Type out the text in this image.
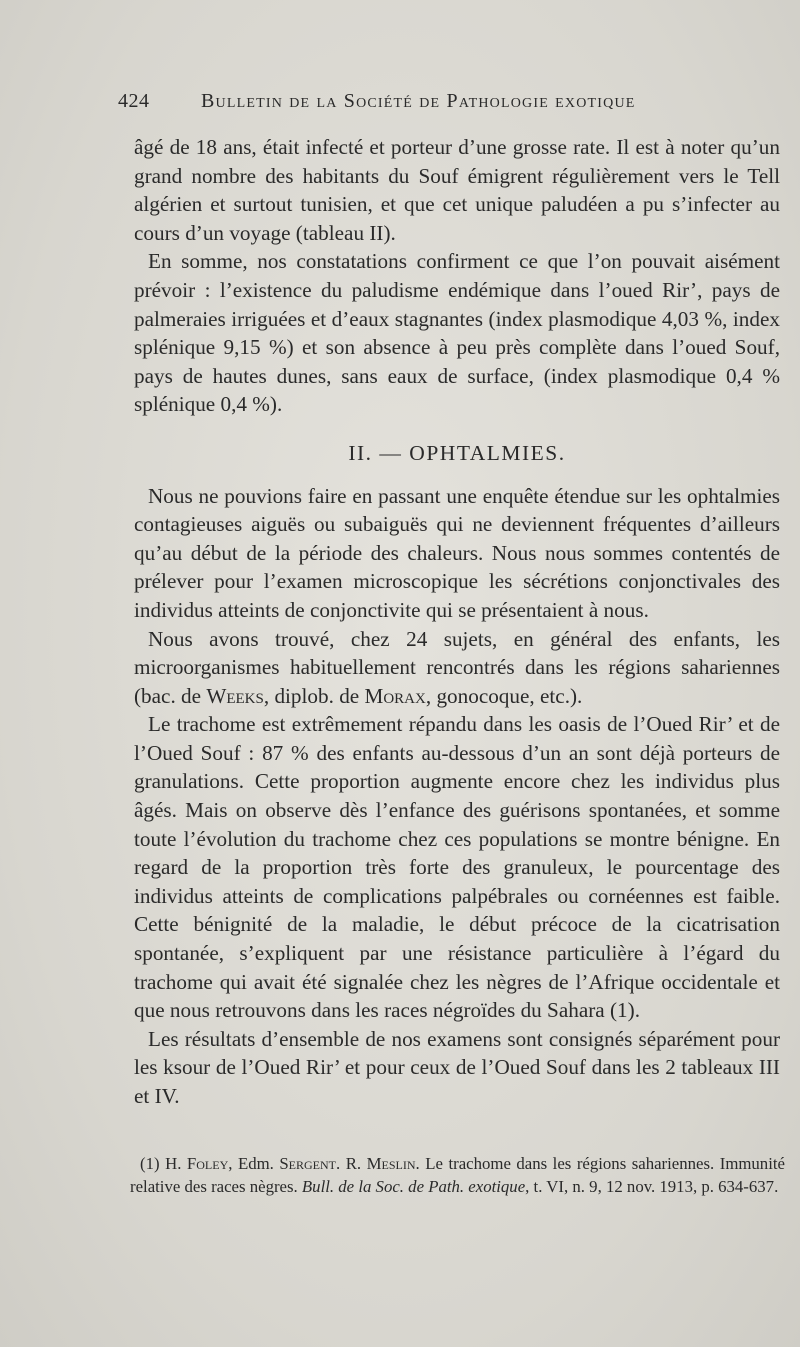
424	Bulletin de la Société de Pathologie exotique

âgé de 18 ans, était infecté et porteur d’une grosse rate. Il est à noter qu’un grand nombre des habitants du Souf émigrent régulièrement vers le Tell algérien et surtout tunisien, et que cet unique paludéen a pu s’infecter au cours d’un voyage (tableau II).

En somme, nos constatations confirment ce que l’on pouvait aisément prévoir : l’existence du paludisme endémique dans l’oued Rir’, pays de palmeraies irriguées et d’eaux stagnantes (index plasmodique 4,03 %, index splénique 9,15 %) et son absence à peu près complète dans l’oued Souf, pays de hautes dunes, sans eaux de surface, (index plasmodique 0,4 % splénique 0,4 %).

II. — OPHTALMIES.

Nous ne pouvions faire en passant une enquête étendue sur les ophtalmies contagieuses aiguës ou subaiguës qui ne deviennent fréquentes d’ailleurs qu’au début de la période des chaleurs. Nous nous sommes contentés de prélever pour l’examen microscopique les sécrétions conjonctivales des individus atteints de conjonctivite qui se présentaient à nous.

Nous avons trouvé, chez 24 sujets, en général des enfants, les microorganismes habituellement rencontrés dans les régions sahariennes (bac. de Weeks, diplob. de Morax, gonocoque, etc.).

Le trachome est extrêmement répandu dans les oasis de l’Oued Rir’ et de l’Oued Souf : 87 % des enfants au-dessous d’un an sont déjà porteurs de granulations. Cette proportion augmente encore chez les individus plus âgés. Mais on observe dès l’enfance des guérisons spontanées, et somme toute l’évolution du trachome chez ces populations se montre bénigne. En regard de la proportion très forte des granuleux, le pourcentage des individus atteints de complications palpébrales ou cornéennes est faible. Cette bénignité de la maladie, le début précoce de la cicatrisation spontanée, s’expliquent par une résistance particulière à l’égard du trachome qui avait été signalée chez les nègres de l’Afrique occidentale et que nous retrouvons dans les races négroïdes du Sahara (1).

Les résultats d’ensemble de nos examens sont consignés séparément pour les ksour de l’Oued Rir’ et pour ceux de l’Oued Souf dans les 2 tableaux III et IV.

(1) H. Foley, Edm. Sergent. R. Meslin. Le trachome dans les régions sahariennes. Immunité relative des races nègres. Bull. de la Soc. de Path. exotique, t. VI, n. 9, 12 nov. 1913, p. 634-637.
